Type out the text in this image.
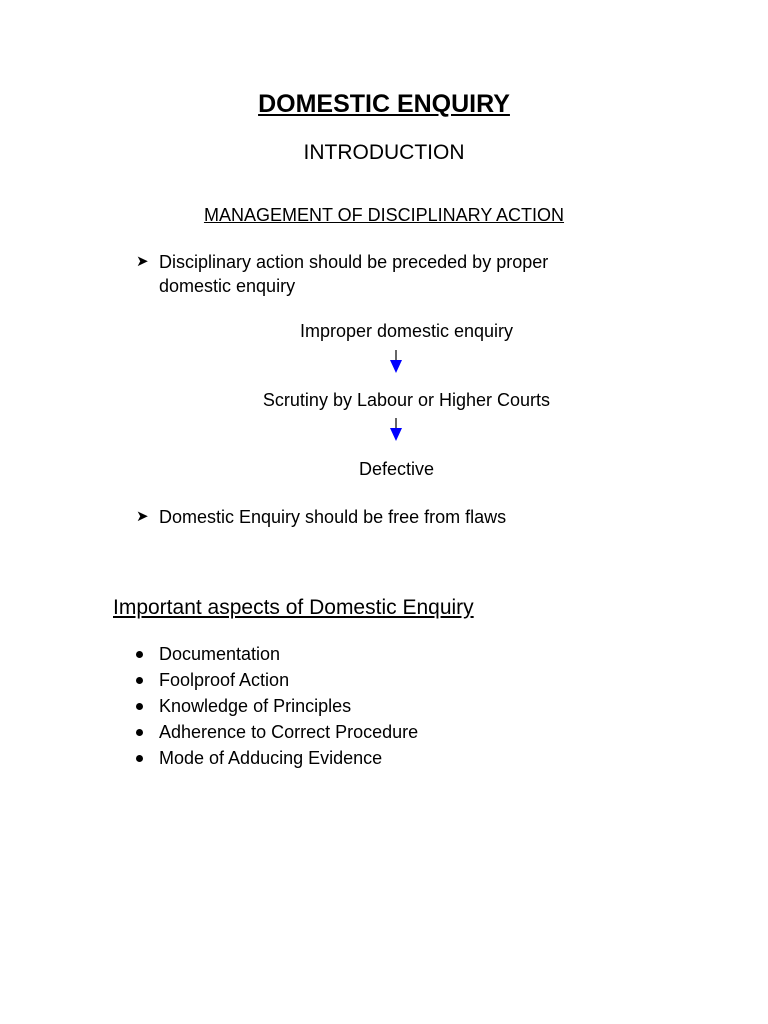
DOMESTIC ENQUIRY
INTRODUCTION
MANAGEMENT OF DISCIPLINARY ACTION
➤ Disciplinary action should be preceded by proper domestic enquiry
Improper domestic enquiry
Scrutiny by Labour or Higher Courts
Defective
➤ Domestic Enquiry should be free from flaws
Important aspects of Domestic Enquiry
Documentation
Foolproof Action
Knowledge of Principles
Adherence to Correct Procedure
Mode of Adducing Evidence
